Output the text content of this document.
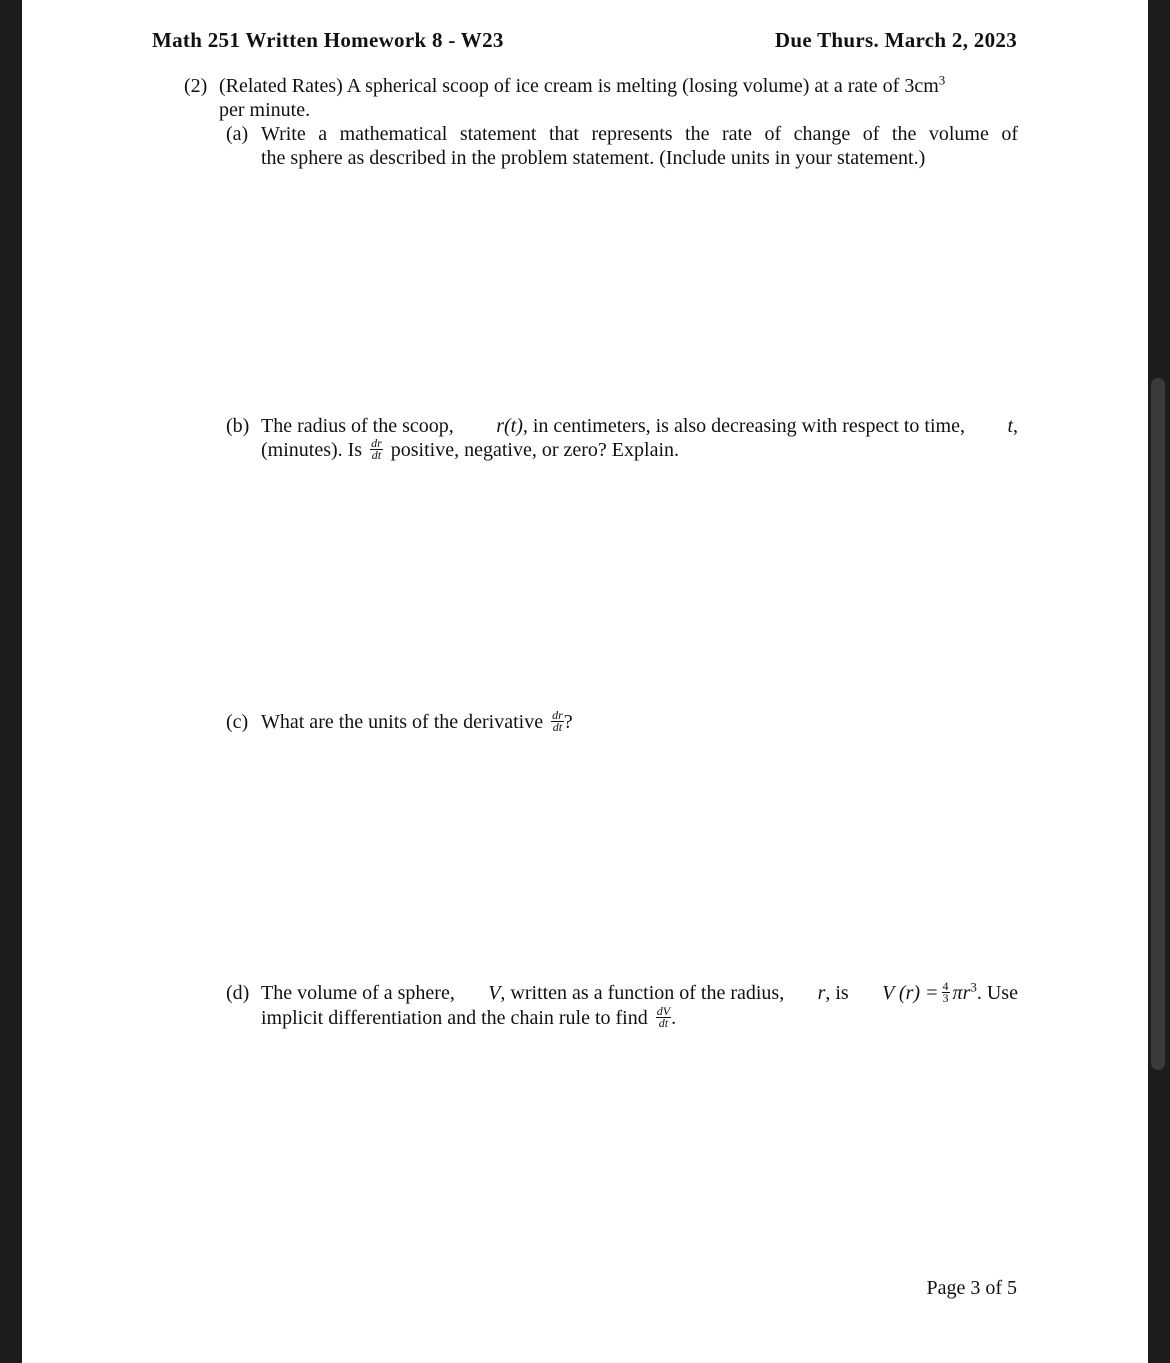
Math 251 Written Homework 8 - W23	Due Thurs. March 2, 2023
(2) (Related Rates) A spherical scoop of ice cream is melting (losing volume) at a rate of $3cm^3$
per minute.
(a) Write a mathematical statement that represents the rate of change of the volume of
the sphere as described in the problem statement. (Include units in your statement.)
(b) The radius of the scoop, r(t), in centimeters, is also decreasing with respect to time, t,
(minutes). Is $\frac{dr}{dt}$ positive, negative, or zero? Explain.
(c) What are the units of the derivative $\frac{dr}{dt}$ ?
(d) The volume of a sphere, V, written as a function of the radius, r, is V $(r) = \frac{4}{3} \pi r^3$. Use
implicit differentiation and the chain rule to find $\frac{dV}{dt}$ .
Page 3 of 5
